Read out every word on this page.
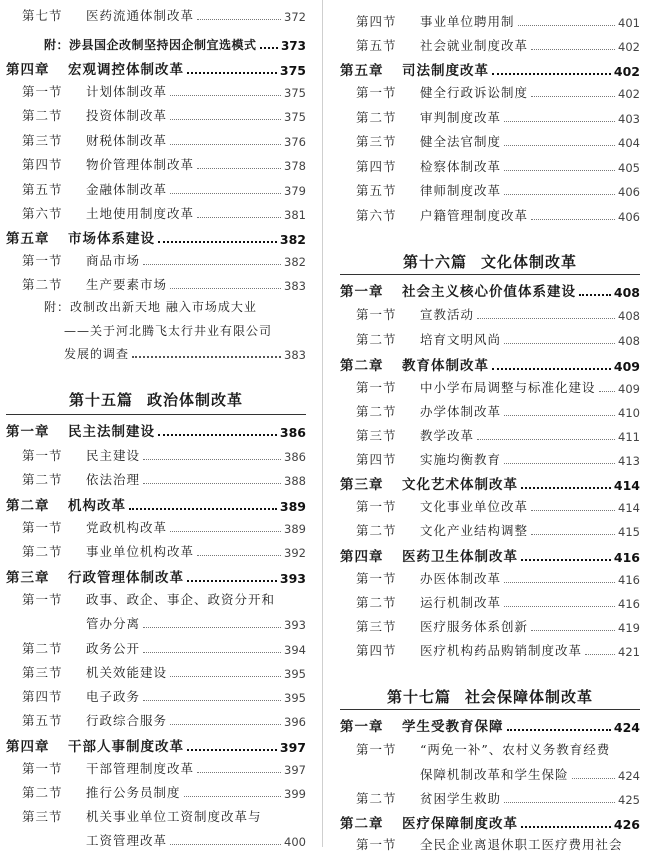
第七节	医药流通体制改革	372
附：涉县国企改制坚持因企制宜选模式 373
第四章	宏观调控体制改革	375
第一节	计划体制改革	375
第二节	投资体制改革	375
第三节	财税体制改革	376
第四节	物价管理体制改革	378
第五节	金融体制改革	379
第六节	土地使用制度改革	381
第五章	市场体系建设	382
第一节	商品市场	382
第二节	生产要素市场	383
附：改制改出新天地 融入市场成大业
——关于河北腾飞太行井业有限公司
发展的调查	383
第十五篇 政治体制改革
第一章	民主法制建设	386
第一节	民主建设	386
第二节	依法治理	388
第二章	机构改革	389
第一节	党政机构改革	389
第二节	事业单位机构改革	392
第三章	行政管理体制改革	393
第一节	政事、政企、事企、政资分开和
管办分离	393
第二节	政务公开	394
第三节	机关效能建设	395
第四节	电子政务	395
第五节	行政综合服务	396
第四章	干部人事制度改革	397
第一节	干部管理制度改革	397
第二节	推行公务员制度	399
第三节	机关事业单位工资制度改革与
工资管理改革	400
第四节	事业单位聘用制	401
第五节	社会就业制度改革	402
第五章	司法制度改革	402
第一节	健全行政诉讼制度	402
第二节	审判制度改革	403
第三节	健全法官制度	404
第四节	检察体制改革	405
第五节	律师制度改革	406
第六节	户籍管理制度改革	406
第十六篇 文化体制改革
第一章	社会主义核心价值体系建设	408
第一节	宣教活动	408
第二节	培育文明风尚	408
第二章	教育体制改革	409
第一节	中小学布局调整与标准化建设 409
第二节	办学体制改革	410
第三节	教学改革	411
第四节	实施均衡教育	413
第三章	文化艺术体制改革	414
第一节	文化事业单位改革	414
第二节	文化产业结构调整	415
第四章	医药卫生体制改革	416
第一节	办医体制改革	416
第二节	运行机制改革	416
第三节	医疗服务体系创新	419
第四节	医疗机构药品购销制度改革	421
第十七篇 社会保障体制改革
第一章	学生受教育保障	424
第一节	“两免一补”、农村义务教育经费
保障机制改革和学生保险	424
第二节	贫困学生救助	425
第二章	医疗保障制度改革	426
第一节	全民企业离退休职工医疗费用社会
